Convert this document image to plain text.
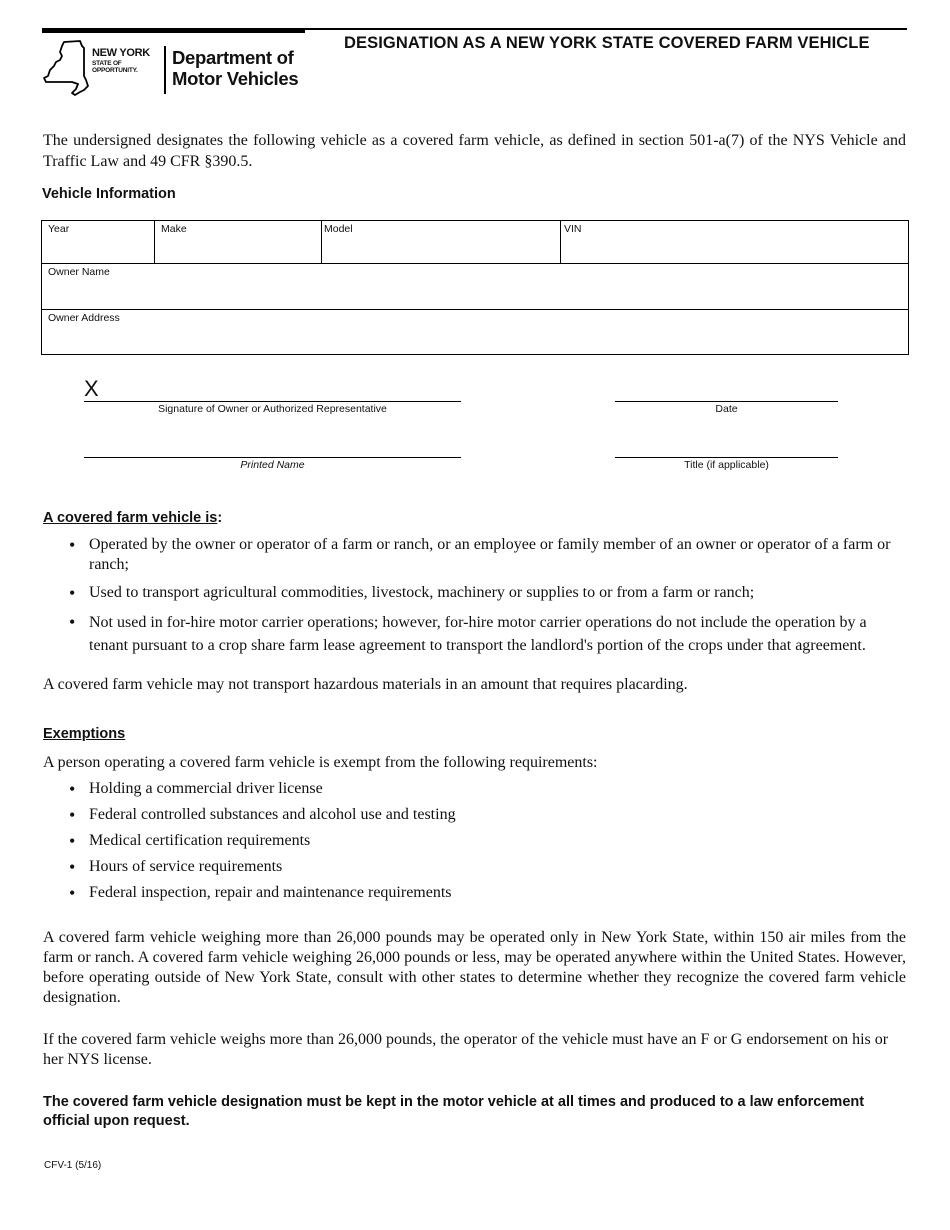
DESIGNATION AS A NEW YORK STATE COVERED FARM VEHICLE
NEW YORK
STATE OF OPPORTUNITY.
Department of Motor Vehicles
The undersigned designates the following vehicle as a covered farm vehicle, as defined in section 501-a(7) of the NYS Vehicle and Traffic Law and 49 CFR §390.5.
Vehicle Information
Year	Make	Model	VIN
Owner Name
Owner Address
X
Signature of Owner or Authorized Representative	Date
Printed Name	Title (if applicable)
A covered farm vehicle is:
• Operated by the owner or operator of a farm or ranch, or an employee or family member of an owner or operator of a farm or ranch;
• Used to transport agricultural commodities, livestock, machinery or supplies to or from a farm or ranch;
• Not used in for-hire motor carrier operations; however, for-hire motor carrier operations do not include the operation by a tenant pursuant to a crop share farm lease agreement to transport the landlord's portion of the crops under that agreement.
A covered farm vehicle may not transport hazardous materials in an amount that requires placarding.
Exemptions
A person operating a covered farm vehicle is exempt from the following requirements:
• Holding a commercial driver license
• Federal controlled substances and alcohol use and testing
• Medical certification requirements
• Hours of service requirements
• Federal inspection, repair and maintenance requirements
A covered farm vehicle weighing more than 26,000 pounds may be operated only in New York State, within 150 air miles from the farm or ranch. A covered farm vehicle weighing 26,000 pounds or less, may be operated anywhere within the United States. However, before operating outside of New York State, consult with other states to determine whether they recognize the covered farm vehicle designation.
If the covered farm vehicle weighs more than 26,000 pounds, the operator of the vehicle must have an F or G endorsement on his or her NYS license.
The covered farm vehicle designation must be kept in the motor vehicle at all times and produced to a law enforcement official upon request.
CFV-1 (5/16)
